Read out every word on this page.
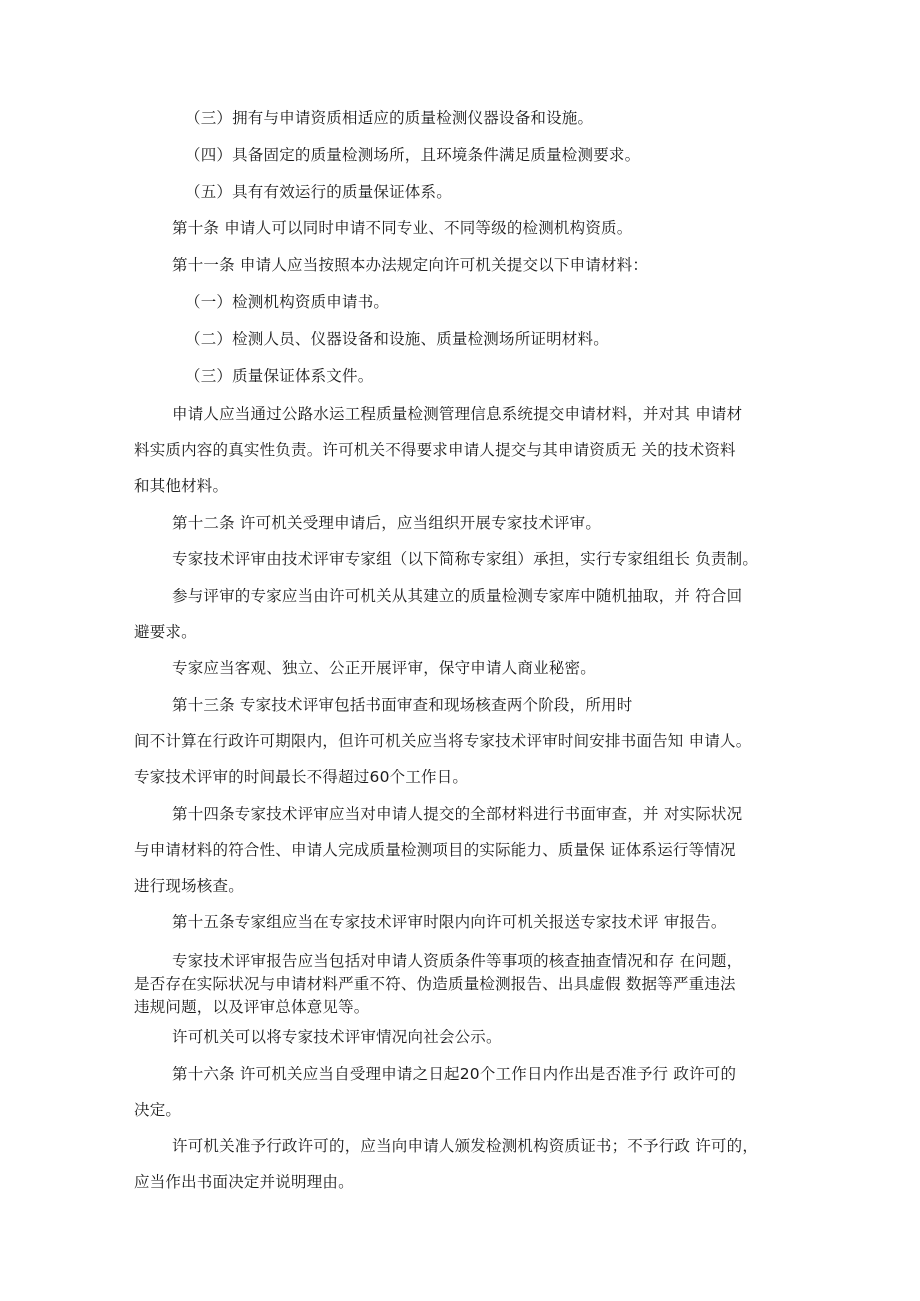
（三）拥有与申请资质相适应的质量检测仪器设备和设施。

（四）具备固定的质量检测场所，且环境条件满足质量检测要求。

（五）具有有效运行的质量保证体系。

第十条 申请人可以同时申请不同专业、不同等级的检测机构资质。

第十一条 申请人应当按照本办法规定向许可机关提交以下申请材料：

（一）检测机构资质申请书。

（二）检测人员、仪器设备和设施、质量检测场所证明材料。

（三）质量保证体系文件。

申请人应当通过公路水运工程质量检测管理信息系统提交申请材料，并对其 申请材

料实质内容的真实性负责。许可机关不得要求申请人提交与其申请资质无 关的技术资料

和其他材料。

第十二条 许可机关受理申请后，应当组织开展专家技术评审。

专家技术评审由技术评审专家组（以下简称专家组）承担，实行专家组组长 负责制。

参与评审的专家应当由许可机关从其建立的质量检测专家库中随机抽取，并 符合回

避要求。

专家应当客观、独立、公正开展评审，保守申请人商业秘密。

第十三条 专家技术评审包括书面审查和现场核查两个阶段，所用时

间不计算在行政许可期限内，但许可机关应当将专家技术评审时间安排书面告知 申请人。

专家技术评审的时间最长不得超过60个工作日。

第十四条专家技术评审应当对申请人提交的全部材料进行书面审查，并 对实际状况

与申请材料的符合性、申请人完成质量检测项目的实际能力、质量保 证体系运行等情况

进行现场核查。

第十五条专家组应当在专家技术评审时限内向许可机关报送专家技术评 审报告。

专家技术评审报告应当包括对申请人资质条件等事项的核查抽查情况和存 在问题，

是否存在实际状况与申请材料严重不符、伪造质量检测报告、出具虚假 数据等严重违法

违规问题，以及评审总体意见等。

许可机关可以将专家技术评审情况向社会公示。

第十六条 许可机关应当自受理申请之日起20个工作日内作出是否准予行 政许可的

决定。

许可机关准予行政许可的，应当向申请人颁发检测机构资质证书；不予行政 许可的，

应当作出书面决定并说明理由。
